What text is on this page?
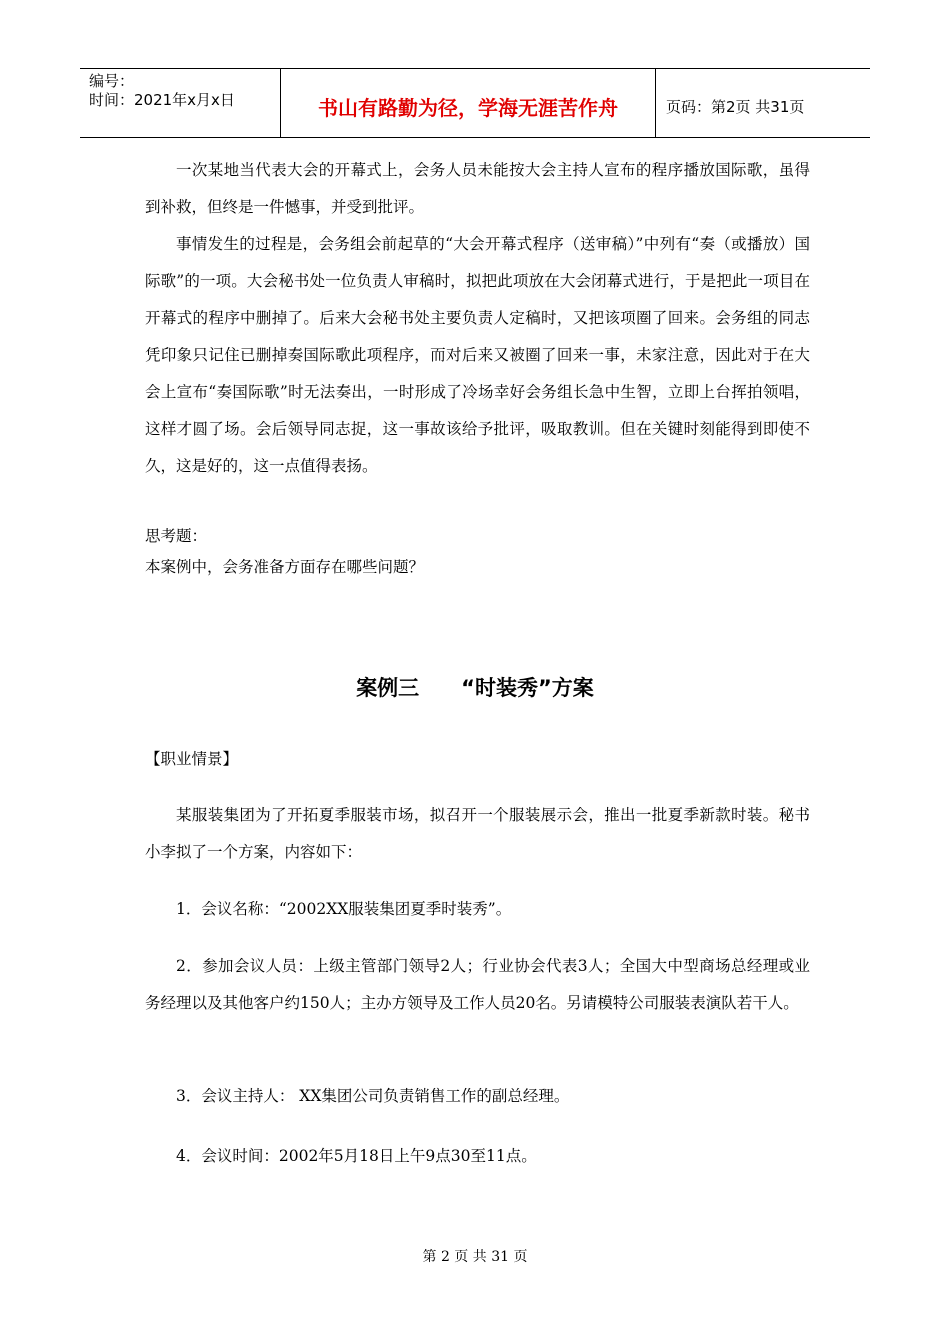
编号：
时间：2021年x月x日	书山有路勤为径，学海无涯苦作舟	页码：第2页 共31页

一次某地当代表大会的开幕式上，会务人员未能按大会主持人宣布的程序播放国际歌，虽得到补救，但终是一件憾事，并受到批评。

事情发生的过程是，会务组会前起草的“大会开幕式程序（送审稿）”中列有“奏（或播放）国际歌”的一项。大会秘书处一位负责人审稿时，拟把此项放在大会闭幕式进行，于是把此一项目在开幕式的程序中删掉了。后来大会秘书处主要负责人定稿时，又把该项圈了回来。会务组的同志凭印象只记住已删掉奏国际歌此项程序，而对后来又被圈了回来一事，未家注意，因此对于在大会上宣布“奏国际歌”时无法奏出，一时形成了冷场幸好会务组长急中生智，立即上台挥拍领唱，这样才圆了场。会后领导同志捉，这一事故该给予批评，吸取教训。但在关键时刻能得到即使不久，这是好的，这一点值得表扬。

思考题：

本案例中，会务准备方面存在哪些问题？

案例三　　“时装秀”方案

【职业情景】

某服装集团为了开拓夏季服装市场，拟召开一个服装展示会，推出一批夏季新款时装。秘书小李拟了一个方案，内容如下：

1．会议名称：“2002XX服装集团夏季时装秀”。

2．参加会议人员：上级主管部门领导2人；行业协会代表3人；全国大中型商场总经理或业务经理以及其他客户约150人；主办方领导及工作人员20名。另请模特公司服装表演队若干人。

3．会议主持人： XX集团公司负责销售工作的副总经理。

4．会议时间：2002年5月18日上午9点30至11点。

第 2 页 共 31 页
